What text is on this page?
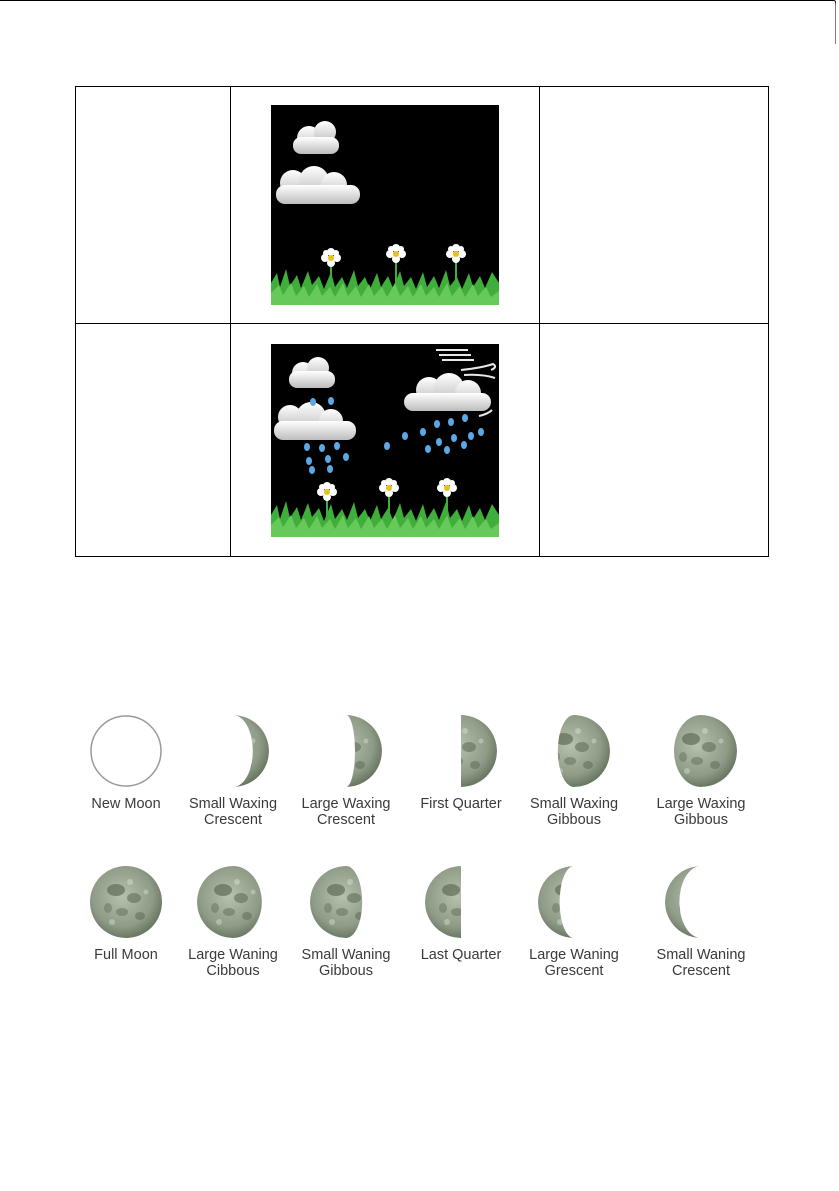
New Moon	Small Waxing
Crescent
Large Waxing
Crescent
First Quarter	Small Waxing
Gibbous
Large Waxing
Gibbous
Full Moon	Large Waning
Cibbous
Small Waning
Gibbous
Last Quarter	Large Waning
Grescent
Small Waning
Crescent
